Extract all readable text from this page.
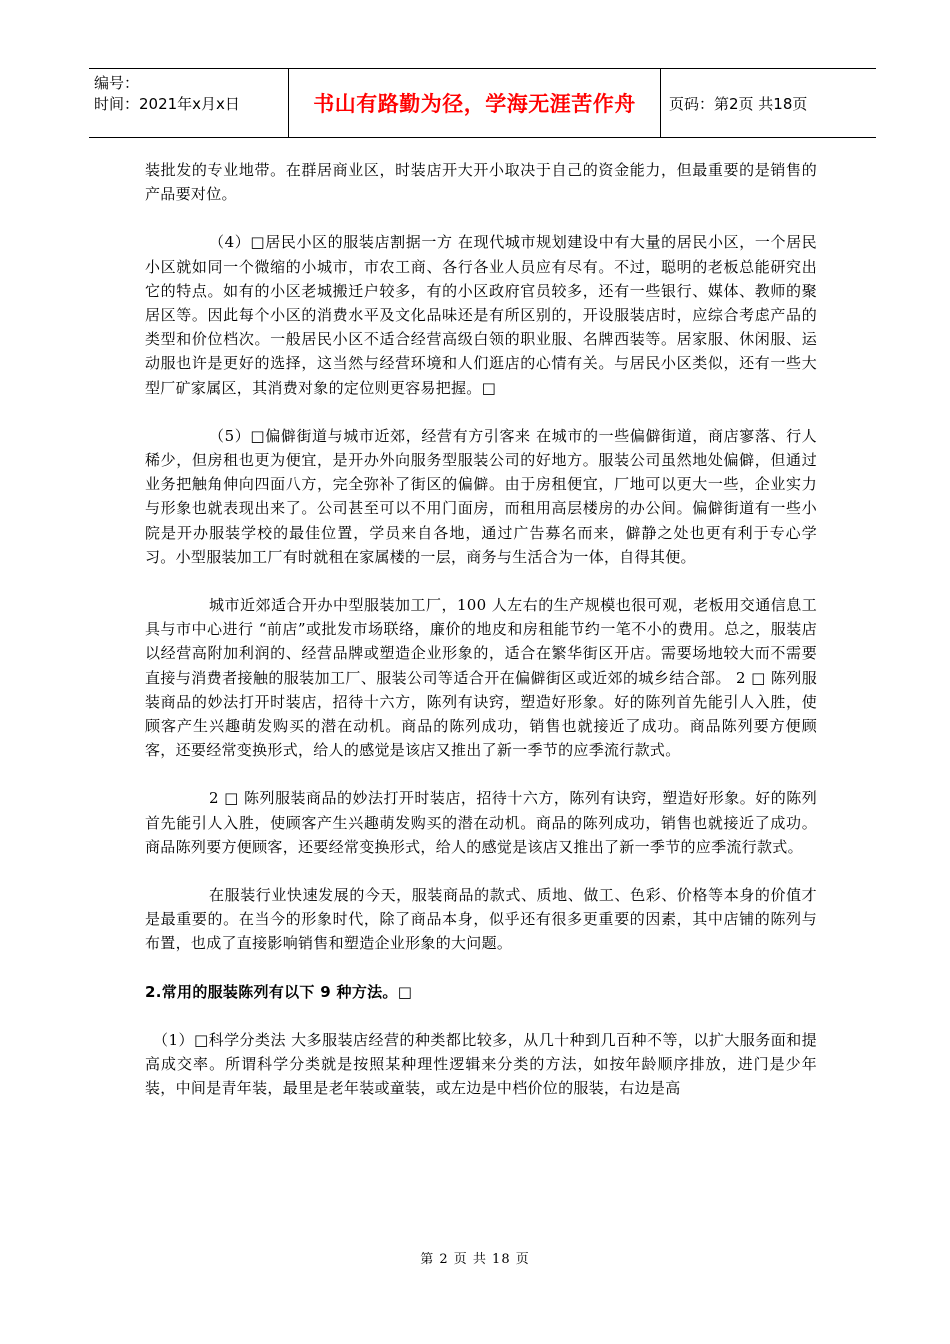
编号：
时间：2021年x月x日	书山有路勤为径，学海无涯苦作舟	页码：第2页 共18页

装批发的专业地带。在群居商业区，时装店开大开小取决于自己的资金能力，但最重要的是销售的产品要对位。

（4）□居民小区的服装店割据一方 在现代城市规划建设中有大量的居民小区，一个居民小区就如同一个微缩的小城市，市农工商、各行各业人员应有尽有。不过，聪明的老板总能研究出它的特点。如有的小区老城搬迁户较多，有的小区政府官员较多，还有一些银行、媒体、教师的聚居区等。因此每个小区的消费水平及文化品味还是有所区别的，开设服装店时，应综合考虑产品的类型和价位档次。一般居民小区不适合经营高级白领的职业服、名牌西装等。居家服、休闲服、运动服也许是更好的选择，这当然与经营环境和人们逛店的心情有关。与居民小区类似，还有一些大型厂矿家属区，其消费对象的定位则更容易把握。□

（5）□偏僻街道与城市近郊，经营有方引客来 在城市的一些偏僻街道，商店寥落、行人稀少，但房租也更为便宜，是开办外向服务型服装公司的好地方。服装公司虽然地处偏僻，但通过业务把触角伸向四面八方，完全弥补了街区的偏僻。由于房租便宜，厂地可以更大一些，企业实力与形象也就表现出来了。公司甚至可以不用门面房，而租用高层楼房的办公间。偏僻街道有一些小院是开办服装学校的最佳位置，学员来自各地，通过广告募名而来，僻静之处也更有利于专心学习。小型服装加工厂有时就租在家属楼的一层，商务与生活合为一体，自得其便。

城市近郊适合开办中型服装加工厂，100 人左右的生产规模也很可观，老板用交通信息工具与市中心进行 “前店”或批发市场联络，廉价的地皮和房租能节约一笔不小的费用。总之，服装店以经营高附加利润的、经营品牌或塑造企业形象的，适合在繁华街区开店。需要场地较大而不需要直接与消费者接触的服装加工厂、服装公司等适合开在偏僻街区或近郊的城乡结合部。 2 □ 陈列服装商品的妙法打开时装店，招待十六方，陈列有诀窍，塑造好形象。好的陈列首先能引人入胜，使顾客产生兴趣萌发购买的潜在动机。商品的陈列成功，销售也就接近了成功。商品陈列要方便顾客，还要经常变换形式，给人的感觉是该店又推出了新一季节的应季流行款式。

2 □ 陈列服装商品的妙法打开时装店，招待十六方，陈列有诀窍，塑造好形象。好的陈列首先能引人入胜，使顾客产生兴趣萌发购买的潜在动机。商品的陈列成功，销售也就接近了成功。商品陈列要方便顾客，还要经常变换形式，给人的感觉是该店又推出了新一季节的应季流行款式。

在服装行业快速发展的今天，服装商品的款式、质地、做工、色彩、价格等本身的价值才是最重要的。在当今的形象时代，除了商品本身，似乎还有很多更重要的因素，其中店铺的陈列与布置，也成了直接影响销售和塑造企业形象的大问题。

2.常用的服装陈列有以下 9 种方法。□

（1）□科学分类法 大多服装店经营的种类都比较多，从几十种到几百种不等，以扩大服务面和提高成交率。所谓科学分类就是按照某种理性逻辑来分类的方法，如按年龄顺序排放，进门是少年装，中间是青年装，最里是老年装或童装，或左边是中档价位的服装，右边是高

第 2 页 共 18 页
